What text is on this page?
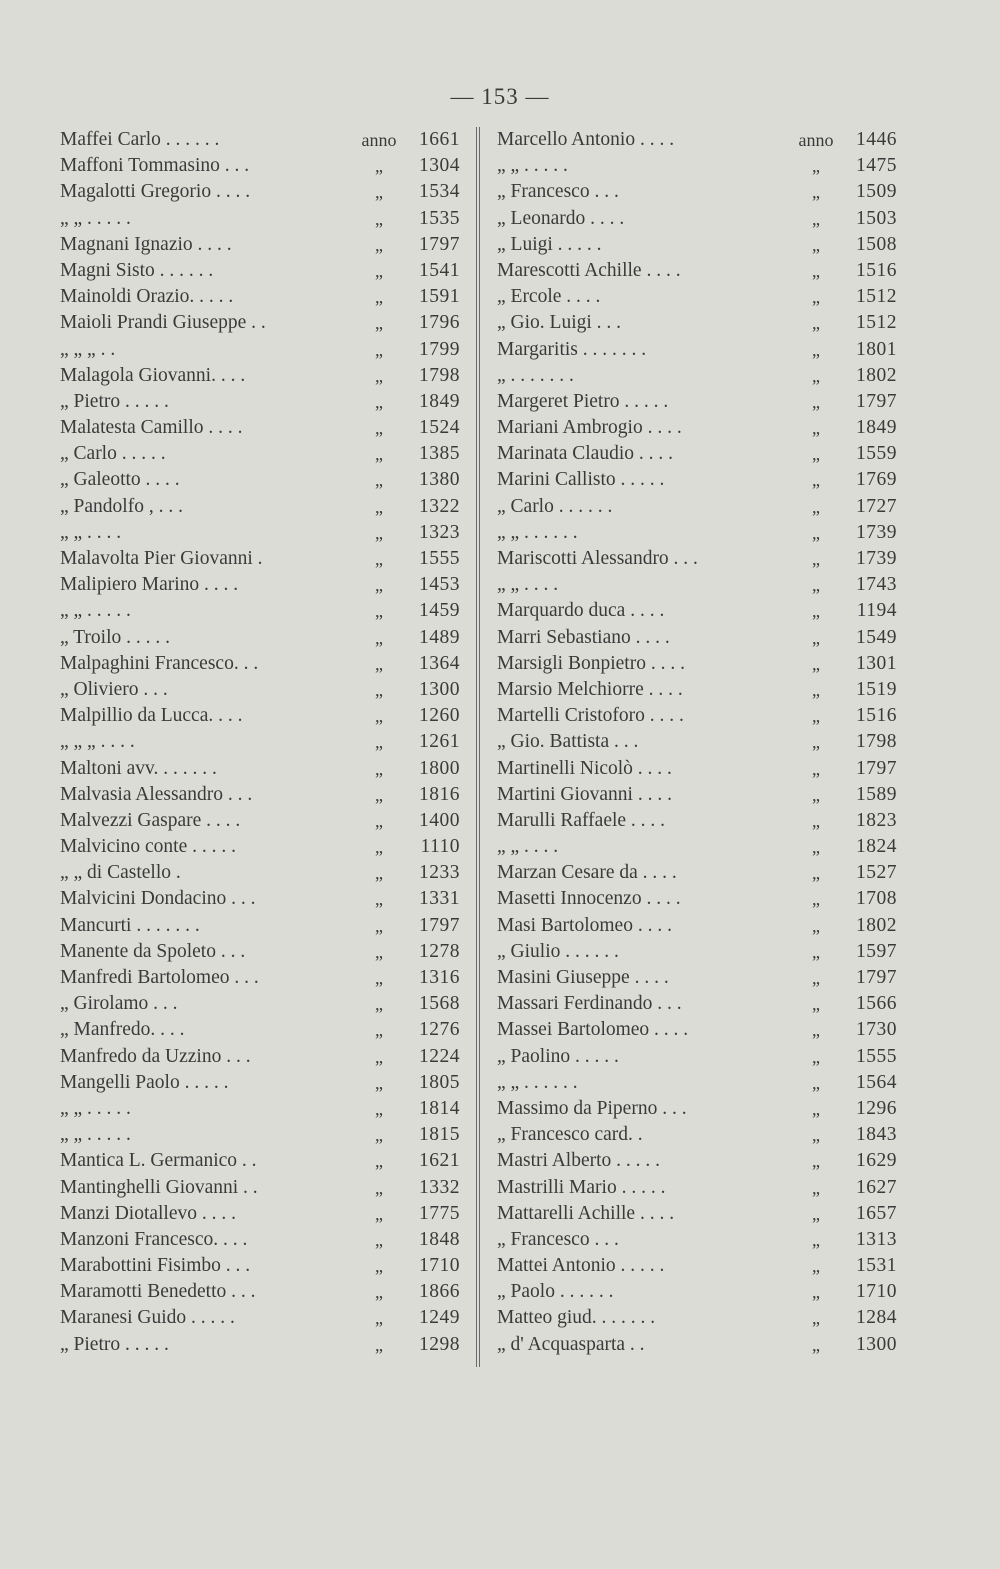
— 153 —
Maffei Carlo . . . . . .	anno	1661
Maffoni Tommasino . . .	„	1304
Magalotti Gregorio . . . .	„	1534
„ „ . . . . .	„	1535
Magnani Ignazio . . . .	„	1797
Magni Sisto . . . . . .	„	1541
Mainoldi Orazio. . . . .	„	1591
Maioli Prandi Giuseppe . .	„	1796
„ „ „ . .	„	1799
Malagola Giovanni. . . .	„	1798
„ Pietro . . . . .	„	1849
Malatesta Camillo . . . .	„	1524
„ Carlo . . . . .	„	1385
„ Galeotto . . . .	„	1380
„ Pandolfo , . . .	„	1322
„ „ . . . .	„	1323
Malavolta Pier Giovanni .	„	1555
Malipiero Marino . . . .	„	1453
„ „ . . . . .	„	1459
„ Troilo . . . . .	„	1489
Malpaghini Francesco. . .	„	1364
„ Oliviero . . .	„	1300
Malpillio da Lucca. . . .	„	1260
„ „ „ . . . .	„	1261
Maltoni avv. . . . . . .	„	1800
Malvasia Alessandro . . .	„	1816
Malvezzi Gaspare . . . .	„	1400
Malvicino conte . . . . .	„	1110
„ „ di Castello .	„	1233
Malvicini Dondacino . . .	„	1331
Mancurti . . . . . . .	„	1797
Manente da Spoleto . . .	„	1278
Manfredi Bartolomeo . . .	„	1316
„ Girolamo . . .	„	1568
„ Manfredo. . . .	„	1276
Manfredo da Uzzino . . .	„	1224
Mangelli Paolo . . . . .	„	1805
„ „ . . . . .	„	1814
„ „ . . . . .	„	1815
Mantica L. Germanico . .	„	1621
Mantinghelli Giovanni . .	„	1332
Manzi Diotallevo . . . .	„	1775
Manzoni Francesco. . . .	„	1848
Marabottini Fisimbo . . .	„	1710
Maramotti Benedetto . . .	„	1866
Maranesi Guido . . . . .	„	1249
„ Pietro . . . . .	„	1298
Marcello Antonio . . . .	anno	1446
„ „ . . . . .	„	1475
„ Francesco . . .	„	1509
„ Leonardo . . . .	„	1503
„ Luigi . . . . .	„	1508
Marescotti Achille . . . .	„	1516
„ Ercole . . . .	„	1512
„ Gio. Luigi . . .	„	1512
Margaritis . . . . . . .	„	1801
„ . . . . . . .	„	1802
Margeret Pietro . . . . .	„	1797
Mariani Ambrogio . . . .	„	1849
Marinata Claudio . . . .	„	1559
Marini Callisto . . . . .	„	1769
„ Carlo . . . . . .	„	1727
„ „ . . . . . .	„	1739
Mariscotti Alessandro . . .	„	1739
„ „ . . . .	„	1743
Marquardo duca . . . .	„	1194
Marri Sebastiano . . . .	„	1549
Marsigli Bonpietro . . . .	„	1301
Marsio Melchiorre . . . .	„	1519
Martelli Cristoforo . . . .	„	1516
„ Gio. Battista . . .	„	1798
Martinelli Nicolò . . . .	„	1797
Martini Giovanni . . . .	„	1589
Marulli Raffaele . . . .	„	1823
„ „ . . . .	„	1824
Marzan Cesare da . . . .	„	1527
Masetti Innocenzo . . . .	„	1708
Masi Bartolomeo . . . .	„	1802
„ Giulio . . . . . .	„	1597
Masini Giuseppe . . . .	„	1797
Massari Ferdinando . . .	„	1566
Massei Bartolomeo . . . .	„	1730
„ Paolino . . . . .	„	1555
„ „ . . . . . .	„	1564
Massimo da Piperno . . .	„	1296
„ Francesco card. .	„	1843
Mastri Alberto . . . . .	„	1629
Mastrilli Mario . . . . .	„	1627
Mattarelli Achille . . . .	„	1657
„ Francesco . . .	„	1313
Mattei Antonio . . . . .	„	1531
„ Paolo . . . . . .	„	1710
Matteo giud. . . . . . .	„	1284
„ d' Acquasparta . .	„	1300
